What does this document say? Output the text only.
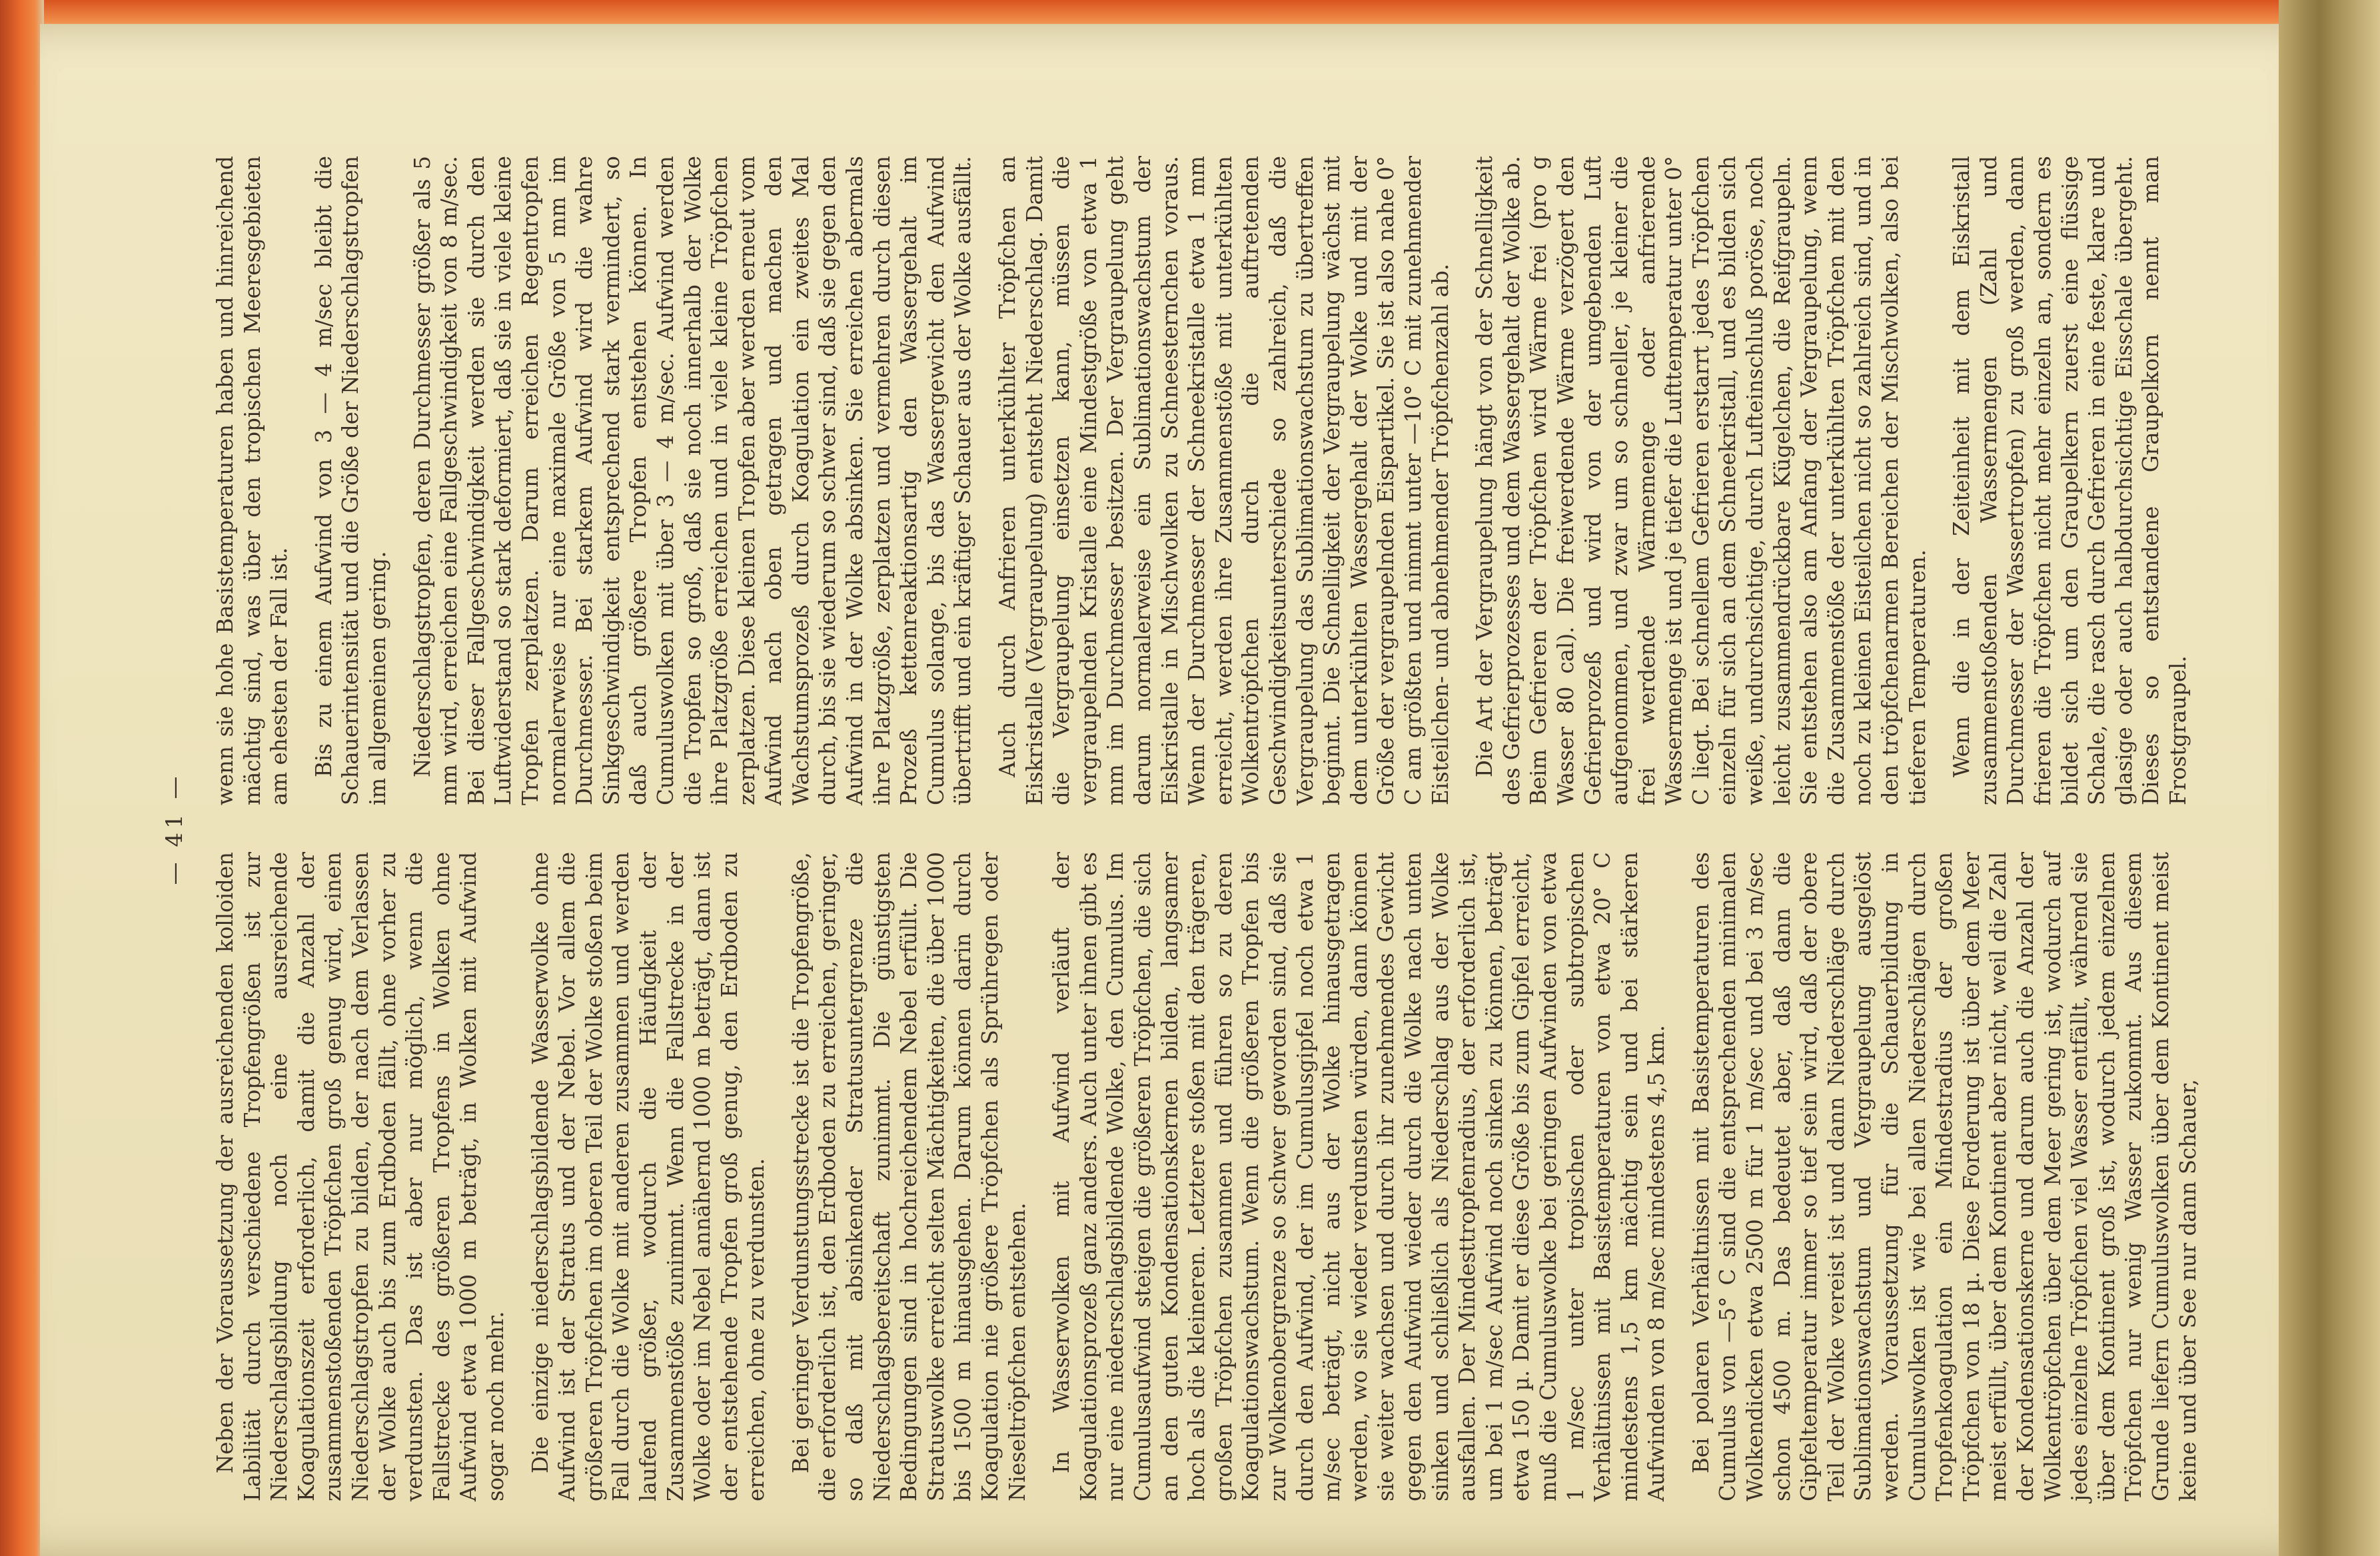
— 41 —

Neben der Voraussetzung der ausreichenden kolloiden Labilität durch verschiedene Tropfengrößen ist zur Niederschlagsbildung noch eine ausreichende Koagulationszeit erforderlich, damit die Anzahl der zusammenstoßenden Tröpfchen groß genug wird, einen Niederschlagstropfen zu bilden, der nach dem Verlassen der Wolke auch bis zum Erdboden fällt, ohne vorher zu verdunsten. Das ist aber nur möglich, wenn die Fallstrecke des größeren Tropfens in Wolken ohne Aufwind etwa 1000 m beträgt, in Wolken mit Aufwind sogar noch mehr. Die einzige niederschlagsbildende Wasserwolke ohne Aufwind ist der Stratus und der Nebel. Vor allem die größeren Tröpfchen im oberen Teil der Wolke stoßen beim Fall durch die Wolke mit anderen zusammen und werden laufend größer, wodurch die Häufigkeit der Zusammenstöße zunimmt. Wenn die Fallstrecke in der Wolke oder im Nebel annähernd 1000 m beträgt, dann ist der entstehende Tropfen groß genug, den Erdboden zu erreichen, ohne zu verdunsten. Bei geringer Verdunstungsstrecke ist die Tropfengröße, die erforderlich ist, den Erdboden zu erreichen, geringer, so daß mit absinkender Stratusuntergrenze die Niederschlagsbereitschaft zunimmt. Die günstigsten Bedingungen sind in hochreichendem Nebel erfüllt. Die Stratuswolke erreicht selten Mächtigkeiten, die über 1000 bis 1500 m hinausgehen. Darum können darin durch Koagulation nie größere Tröpfchen als Sprühregen oder Nieseltröpfchen entstehen. In Wasserwolken mit Aufwind verläuft der Koagulationsprozeß ganz anders. Auch unter ihnen gibt es nur eine niederschlagsbildende Wolke, den Cumulus. Im Cumulusaufwind steigen die größeren Tröpfchen, die sich an den guten Kondensationskernen bilden, langsamer hoch als die kleineren. Letztere stoßen mit den trägeren, großen Tröpfchen zusammen und führen so zu deren Koagulationswachstum. Wenn die größeren Tropfen bis zur Wolkenobergrenze so schwer geworden sind, daß sie durch den Aufwind, der im Cumulusgipfel noch etwa 1 m/sec beträgt, nicht aus der Wolke hinausgetragen werden, wo sie wieder verdunsten würden, dann können sie weiter wachsen und durch ihr zunehmendes Gewicht gegen den Aufwind wieder durch die Wolke nach unten sinken und schließlich als Niederschlag aus der Wolke ausfallen. Der Mindesttropfenradius, der erforderlich ist, um bei 1 m/sec Aufwind noch sinken zu können, beträgt etwa 150 µ. Damit er diese Größe bis zum Gipfel erreicht, muß die Cumuluswolke bei geringen Aufwinden von etwa 1 m/sec unter tropischen oder subtropischen Verhältnissen mit Basistemperaturen von etwa 20° C mindestens 1,5 km mächtig sein und bei stärkeren Aufwinden von 8 m/sec mindestens 4,5 km. Bei polaren Verhältnissen mit Basistemperaturen des Cumulus von —5° C sind die entsprechenden minimalen Wolkendicken etwa 2500 m für 1 m/sec und bei 3 m/sec schon 4500 m. Das bedeutet aber, daß dann die Gipfeltemperatur immer so tief sein wird, daß der obere Teil der Wolke vereist ist und dann Niederschläge durch Sublimationswachstum und Vergraupelung ausgelöst werden. Voraussetzung für die Schauerbildung in Cumuluswolken ist wie bei allen Niederschlägen durch Tropfenkoagulation ein Mindestradius der großen Tröpfchen von 18 µ. Diese Forderung ist über dem Meer meist erfüllt, über dem Kontinent aber nicht, weil die Zahl der Kondensationskerne und darum auch die Anzahl der Wolkentröpfchen über dem Meer gering ist, wodurch auf jedes einzelne Tröpfchen viel Wasser entfällt, während sie über dem Kontinent groß ist, wodurch jedem einzelnen Tröpfchen nur wenig Wasser zukommt. Aus diesem Grunde liefern Cumuluswolken über dem Kontinent meist keine und über See nur dann Schauer,

wenn sie hohe Basistemperaturen haben und hinreichend mächtig sind, was über den tropischen Meeresgebieten am ehesten der Fall ist. Bis zu einem Aufwind von 3 — 4 m/sec bleibt die Schauerintensität und die Größe der Niederschlagstropfen im allgemeinen gering. Niederschlagstropfen, deren Durchmesser größer als 5 mm wird, erreichen eine Fallgeschwindigkeit von 8 m/sec. Bei dieser Fallgeschwindigkeit werden sie durch den Luftwiderstand so stark deformiert, daß sie in viele kleine Tropfen zerplatzen. Darum erreichen Regentropfen normalerweise nur eine maximale Größe von 5 mm im Durchmesser. Bei starkem Aufwind wird die wahre Sinkgeschwindigkeit entsprechend stark vermindert, so daß auch größere Tropfen entstehen können. In Cumuluswolken mit über 3 — 4 m/sec. Aufwind werden die Tropfen so groß, daß sie noch innerhalb der Wolke ihre Platzgröße erreichen und in viele kleine Tröpfchen zerplatzen. Diese kleinen Tropfen aber werden erneut vom Aufwind nach oben getragen und machen den Wachstumsprozeß durch Koagulation ein zweites Mal durch, bis sie wiederum so schwer sind, daß sie gegen den Aufwind in der Wolke absinken. Sie erreichen abermals ihre Platzgröße, zerplatzen und vermehren durch diesen Prozeß kettenreaktionsartig den Wassergehalt im Cumulus solange, bis das Wassergewicht den Aufwind übertrifft und ein kräftiger Schauer aus der Wolke ausfällt. Auch durch Anfrieren unterkühlter Tröpfchen an Eiskristalle (Vergraupelung) entsteht Niederschlag. Damit die Vergraupelung einsetzen kann, müssen die vergraupelnden Kristalle eine Mindestgröße von etwa 1 mm im Durchmesser besitzen. Der Vergraupelung geht darum normalerweise ein Sublimationswachstum der Eiskristalle in Mischwolken zu Schneesternchen voraus. Wenn der Durchmesser der Schneekristalle etwa 1 mm erreicht, werden ihre Zusammenstöße mit unterkühlten Wolkentröpfchen durch die auftretenden Geschwindigkeitsunterschiede so zahlreich, daß die Vergraupelung das Sublimationswachstum zu übertreffen beginnt. Die Schnelligkeit der Vergraupelung wächst mit dem unterkühlten Wassergehalt der Wolke und mit der Größe der vergraupelnden Eispartikel. Sie ist also nahe 0° C am größten und nimmt unter —10° C mit zunehmender Eisteilchen- und abnehmender Tröpfchenzahl ab. Die Art der Vergraupelung hängt von der Schnelligkeit des Gefrierprozesses und dem Wassergehalt der Wolke ab. Beim Gefrieren der Tröpfchen wird Wärme frei (pro g Wasser 80 cal). Die freiwerdende Wärme verzögert den Gefrierprozeß und wird von der umgebenden Luft aufgenommen, und zwar um so schneller, je kleiner die frei werdende Wärmemenge oder anfrierende Wassermenge ist und je tiefer die Lufttemperatur unter 0° C liegt. Bei schnellem Gefrieren erstarrt jedes Tröpfchen einzeln für sich an dem Schneekristall, und es bilden sich weiße, undurchsichtige, durch Lufteinschluß poröse, noch leicht zusammendrückbare Kügelchen, die Reifgraupeln. Sie entstehen also am Anfang der Vergraupelung, wenn die Zusammenstöße der unterkühlten Tröpfchen mit den noch zu kleinen Eisteilchen nicht so zahlreich sind, und in den tröpfchenarmen Bereichen der Mischwolken, also bei tieferen Temperaturen. Wenn die in der Zeiteinheit mit dem Eiskristall zusammenstoßenden Wassermengen (Zahl und Durchmesser der Wassertropfen) zu groß werden, dann frieren die Tröpfchen nicht mehr einzeln an, sondern es bildet sich um den Graupelkern zuerst eine flüssige Schale, die rasch durch Gefrieren in eine feste, klare und glasige oder auch halbdurchsichtige Eisschale übergeht. Dieses so entstandene Graupelkorn nennt man Frostgraupel.
